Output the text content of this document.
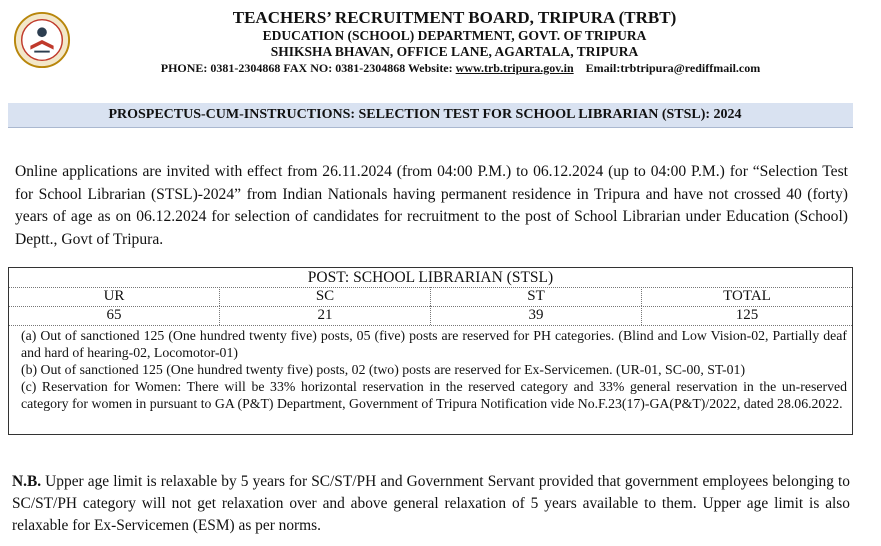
TEACHERS’ RECRUITMENT BOARD, TRIPURA (TRBT)
EDUCATION (SCHOOL) DEPARTMENT, GOVT. OF TRIPURA
SHIKSHA BHAVAN, OFFICE LANE, AGARTALA, TRIPURA
PHONE: 0381-2304868 FAX NO: 0381-2304868 Website: www.trb.tripura.gov.in Email:trbtripura@rediffmail.com
PROSPECTUS-CUM-INSTRUCTIONS: SELECTION TEST FOR SCHOOL LIBRARIAN (STSL): 2024
Online applications are invited with effect from 26.11.2024 (from 04:00 P.M.) to 06.12.2024 (up to 04:00 P.M.) for “Selection Test for School Librarian (STSL)-2024” from Indian Nationals having permanent residence in Tripura and have not crossed 40 (forty) years of age as on 06.12.2024 for selection of candidates for recruitment to the post of School Librarian under Education (School) Deptt., Govt of Tripura.
POST: SCHOOL LIBRARIAN (STSL)
UR	SC	ST	TOTAL
65	21	39	125

(a) Out of sanctioned 125 (One hundred twenty five) posts, 05 (five) posts are reserved for PH categories. (Blind and Low Vision-02, Partially deaf and hard of hearing-02, Locomotor-01)

(b) Out of sanctioned 125 (One hundred twenty five) posts, 02 (two) posts are reserved for Ex-Servicemen. (UR-01, SC-00, ST-01)

(c) Reservation for Women: There will be 33% horizontal reservation in the reserved category and 33% general reservation in the un-reserved category for women in pursuant to GA (P&T) Department, Government of Tripura Notification vide No.F.23(17)-GA(P&T)/2022, dated 28.06.2022.

N.B. Upper age limit is relaxable by 5 years for SC/ST/PH and Government Servant provided that government employees belonging to SC/ST/PH category will not get relaxation over and above general relaxation of 5 years available to them. Upper age limit is also relaxable for Ex-Servicemen (ESM) as per norms.
